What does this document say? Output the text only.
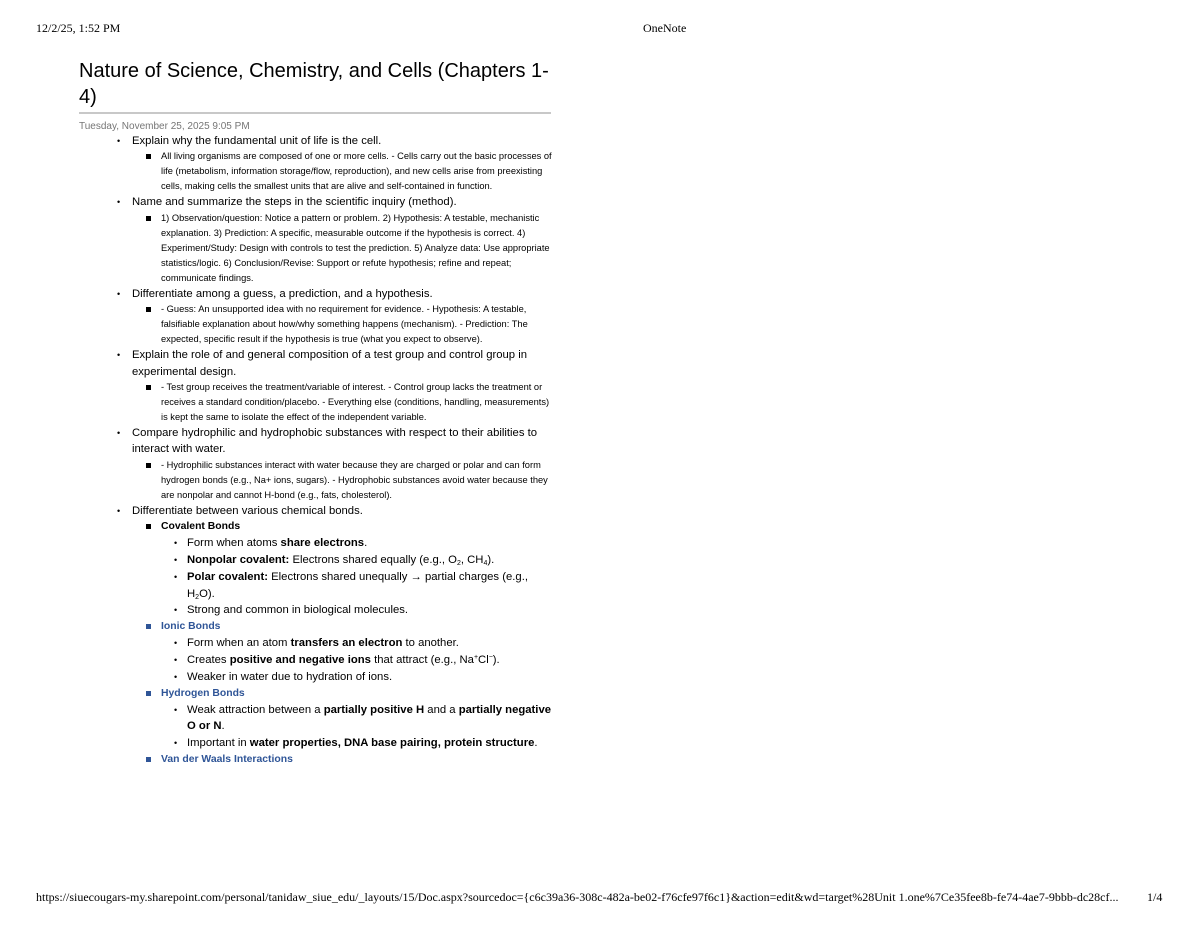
12/2/25, 1:52 PM	OneNote
Nature of Science, Chemistry, and Cells (Chapters 1-4)
Tuesday, November 25, 2025 9:05 PM
• Explain why the fundamental unit of life is the cell.
All living organisms are composed of one or more cells. - Cells carry out the basic processes of life (metabolism, information storage/flow, reproduction), and new cells arise from preexisting cells, making cells the smallest units that are alive and self-contained in function.
• Name and summarize the steps in the scientific inquiry (method).
1) Observation/question: Notice a pattern or problem. 2) Hypothesis: A testable, mechanistic explanation. 3) Prediction: A specific, measurable outcome if the hypothesis is correct. 4) Experiment/Study: Design with controls to test the prediction. 5) Analyze data: Use appropriate statistics/logic. 6) Conclusion/Revise: Support or refute hypothesis; refine and repeat; communicate findings.
• Differentiate among a guess, a prediction, and a hypothesis.
- Guess: An unsupported idea with no requirement for evidence. - Hypothesis: A testable, falsifiable explanation about how/why something happens (mechanism). - Prediction: The expected, specific result if the hypothesis is true (what you expect to observe).
• Explain the role of and general composition of a test group and control group in experimental design.
- Test group receives the treatment/variable of interest. - Control group lacks the treatment or receives a standard condition/placebo. - Everything else (conditions, handling, measurements) is kept the same to isolate the effect of the independent variable.
• Compare hydrophilic and hydrophobic substances with respect to their abilities to interact with water.
- Hydrophilic substances interact with water because they are charged or polar and can form hydrogen bonds (e.g., Na+ ions, sugars). - Hydrophobic substances avoid water because they are nonpolar and cannot H-bond (e.g., fats, cholesterol).
• Differentiate between various chemical bonds.
Covalent Bonds
• Form when atoms share electrons.
• Nonpolar covalent: Electrons shared equally (e.g., $O_2$, $CH_4$).
• Polar covalent: Electrons shared unequally → partial charges (e.g., $H_2O$).
• Strong and common in biological molecules.
Ionic Bonds
• Form when an atom transfers an electron to another.
• Creates positive and negative ions that attract (e.g., Na+Cl−).
• Weaker in water due to hydration of ions.
Hydrogen Bonds
• Weak attraction between a partially positive H and a partially negative O or N.
• Important in water properties, DNA base pairing, protein structure.
Van der Waals Interactions
https://siuecougars-my.sharepoint.com/personal/tanidaw_siue_edu/_layouts/15/Doc.aspx?sourcedoc={c6c39a36-308c-482a-be02-f76cfe97f6c1}&action=edit&wd=target%28Unit 1.one%7Ce35fee8b-fe74-4ae7-9bbb-dc28cf... 1/4
